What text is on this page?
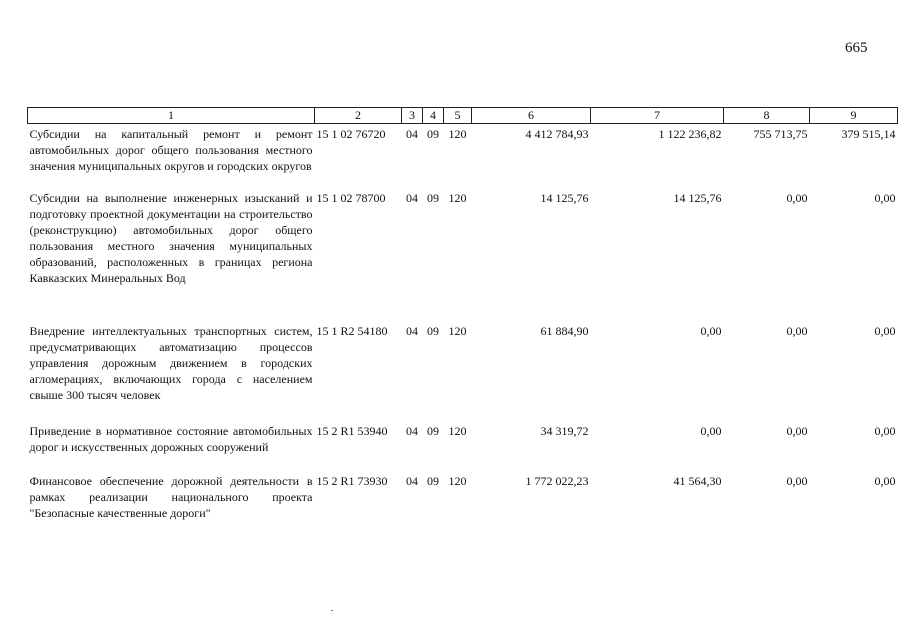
665
1	2	3	4	5	6	7	8	9
Субсидии на капитальный ремонт и ремонт автомобильных дорог общего пользования местного значения муниципальных округов и городских округов	15 1 02 76720	04	09	120	4 412 784,93	1 122 236,82	755 713,75	379 515,14
Субсидии на выполнение инженерных изысканий и подготовку проектной документации на строительство (реконструкцию) автомобильных дорог общего пользования местного значения муниципальных образований, расположенных в границах региона Кавказских Минеральных Вод	15 1 02 78700	04	09	120	14 125,76	14 125,76	0,00	0,00
Внедрение интеллектуальных транспортных систем, предусматривающих автоматизацию процессов управления дорожным движением в городских агломерациях, включающих города с населением свыше 300 тысяч человек	15 1 R2 54180	04	09	120	61 884,90	0,00	0,00	0,00
Приведение в нормативное состояние автомобильных дорог и искусственных дорожных сооружений	15 2 R1 53940	04	09	120	34 319,72	0,00	0,00	0,00
Финансовое обеспечение дорожной деятельности в рамках реализации национального проекта "Безопасные качественные дороги"	15 2 R1 73930	04	09	120	1 772 022,23	41 564,30	0,00	0,00
